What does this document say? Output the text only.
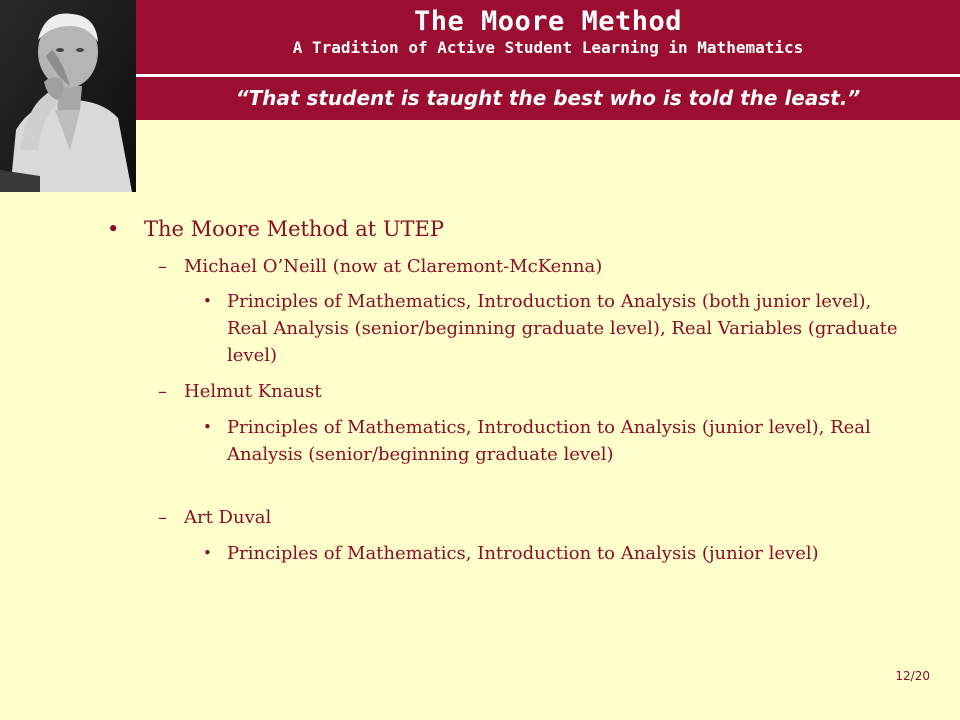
The Moore Method
A Tradition of Active Student Learning in Mathematics
“That student is taught the best who is told the least.”
• The Moore Method at UTEP
– Michael O’Neill (now at Claremont-McKenna)
• Principles of Mathematics, Introduction to Analysis (both junior level), Real Analysis (senior/beginning graduate level), Real Variables (graduate level)
– Helmut Knaust
• Principles of Mathematics, Introduction to Analysis (junior level), Real Analysis (senior/beginning graduate level)
– Art Duval
• Principles of Mathematics, Introduction to Analysis (junior level)
12/20
